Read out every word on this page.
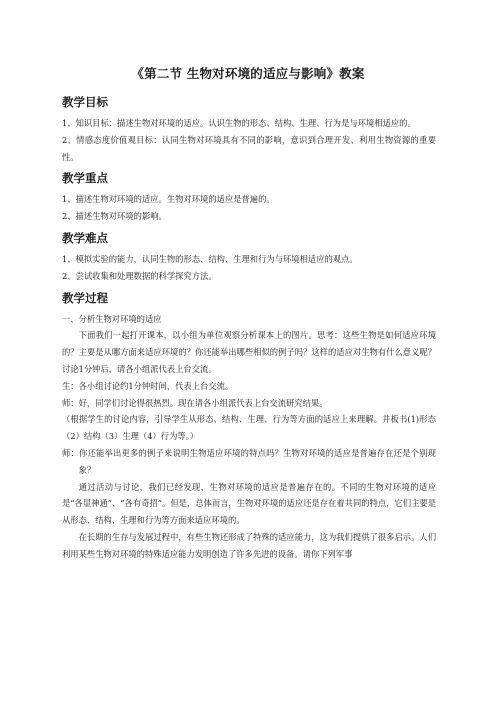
《第二节 生物对环境的适应与影响》教案
教学目标

1、知识目标：描述生物对环境的适应。认识生物的形态、结构、生理、行为是与环境相适应的。

2、情感态度价值观目标：认同生物对环境具有不同的影响，意识到合理开发、利用生物资源的重要性。

教学重点

1、描述生物对环境的适应。生物对环境的适应是普遍的。

2、描述生物对环境的影响。

教学难点

1、模拟实验的能力，认同生物的形态、结构、生理和行为与环境相适应的观点。

2、尝试收集和处理数据的科学探究方法。

教学过程

一、分析生物对环境的适应

下面我们一起打开课本，以小组为单位观察分析课本上的图片。思考：这些生物是如何适应环境的？主要是从哪方面来适应环境的？你还能举出哪些相似的例子吗？这样的适应对生物有什么意义呢？讨论1分钟后，请各小组派代表上台交流。

生：各小组讨论约1分钟时间，代表上台交流。

师：好，同学们讨论得很热烈。现在请各小组派代表上台交流研究结果。

（根据学生的讨论内容，引导学生从形态、结构、生理、行为等方面的适应上来理解。并板书(1)形态（2）结构（3）生理（4）行为等。）

师：你还能举出更多的例子来说明生物适应环境的特点吗？生物对环境的适应是普遍存在还是个别现象？

通过活动与讨论，我们已经发现，生物对环境的适应是普遍存在的。不同的生物对环境的适应是“各显神通”、“各有奇招”。但是，总体而言，生物对环境的适应还是存在着共同的特点，它们主要是从形态、结构、生理和行为等方面来适应环境的。

在长期的生存与发展过程中，有些生物还形成了特殊的适应能力，这为我们提供了很多启示。人们利用某些生物对环境的特殊适应能力发明创造了许多先进的设备。请你下列军事
